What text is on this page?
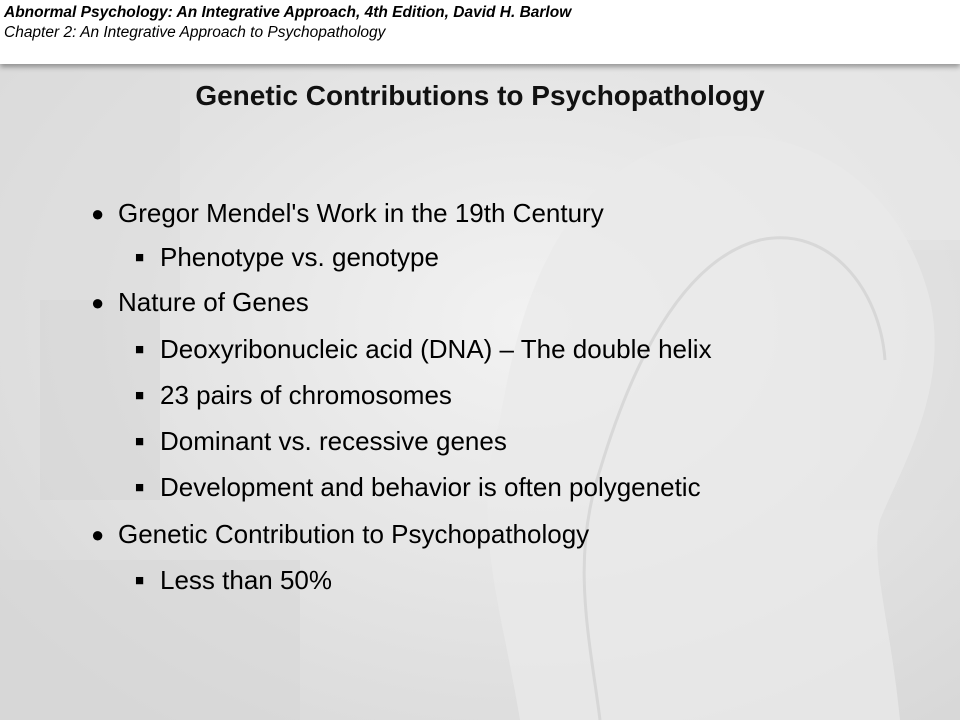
Abnormal Psychology: An Integrative Approach, 4th Edition, David H. Barlow
Chapter 2: An Integrative Approach to Psychopathology
Genetic Contributions to Psychopathology
● Gregor Mendel's Work in the 19th Century
■ Phenotype vs. genotype
● Nature of Genes
■ Deoxyribonucleic acid (DNA) – The double helix
■ 23 pairs of chromosomes
■ Dominant vs. recessive genes
■ Development and behavior is often polygenetic
● Genetic Contribution to Psychopathology
■ Less than 50%
